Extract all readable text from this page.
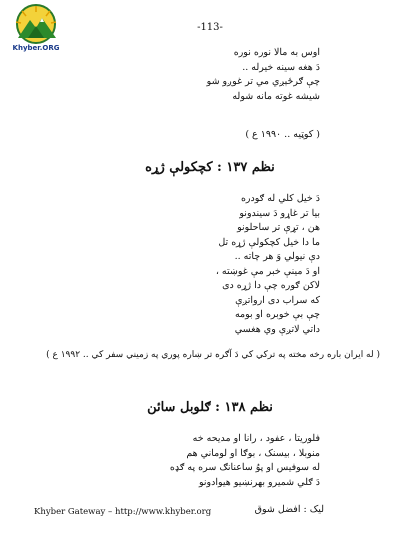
Khyber.ORG
-113-
اوس به مالا نوره نوره
دَ هغه سينه خيرله ..
چې ګرځېږي مي تر غوږو شو
شيشه غوته مانه شوله
( کوټيه .. ۱۹۹۰ ع )
نظم ۱۳۷ : کچکولې ژړه
دَ خيل کلي له ګودره
بيا تر غاړو دَ سيندونو
هن ، تړې تر ساحلونو
ما دا خيل کچکولې ژړه تل
دې نيولي وَ هر چاته ..
او دَ مينې خبر مې غوښته ،
لاکن ګوره چې دا ژړه دی
که سراب دی ارواتږې
چې بې خوبره او بومه
داتي لاتږې وي هغسي
( له ايران باره رخه مخته په ترکي کي دَ آګره تر ښاره پوري په زميني سفر کي .. ۱۹۹۲ ع )
نظم ۱۳۸ : ګلوبل سائن
فلوريتا ، عفود ، رانا او مديحه خه
منوبلا ، بيسنک ، بوګا او لوماني هم
له سوفيس او پوُ ساعنانګ سره په ګډه
دَ ګلي شميرو بهرنښيو هيوادونو
Khyber Gateway – http://www.khyber.org	ليک : افضل شوق
